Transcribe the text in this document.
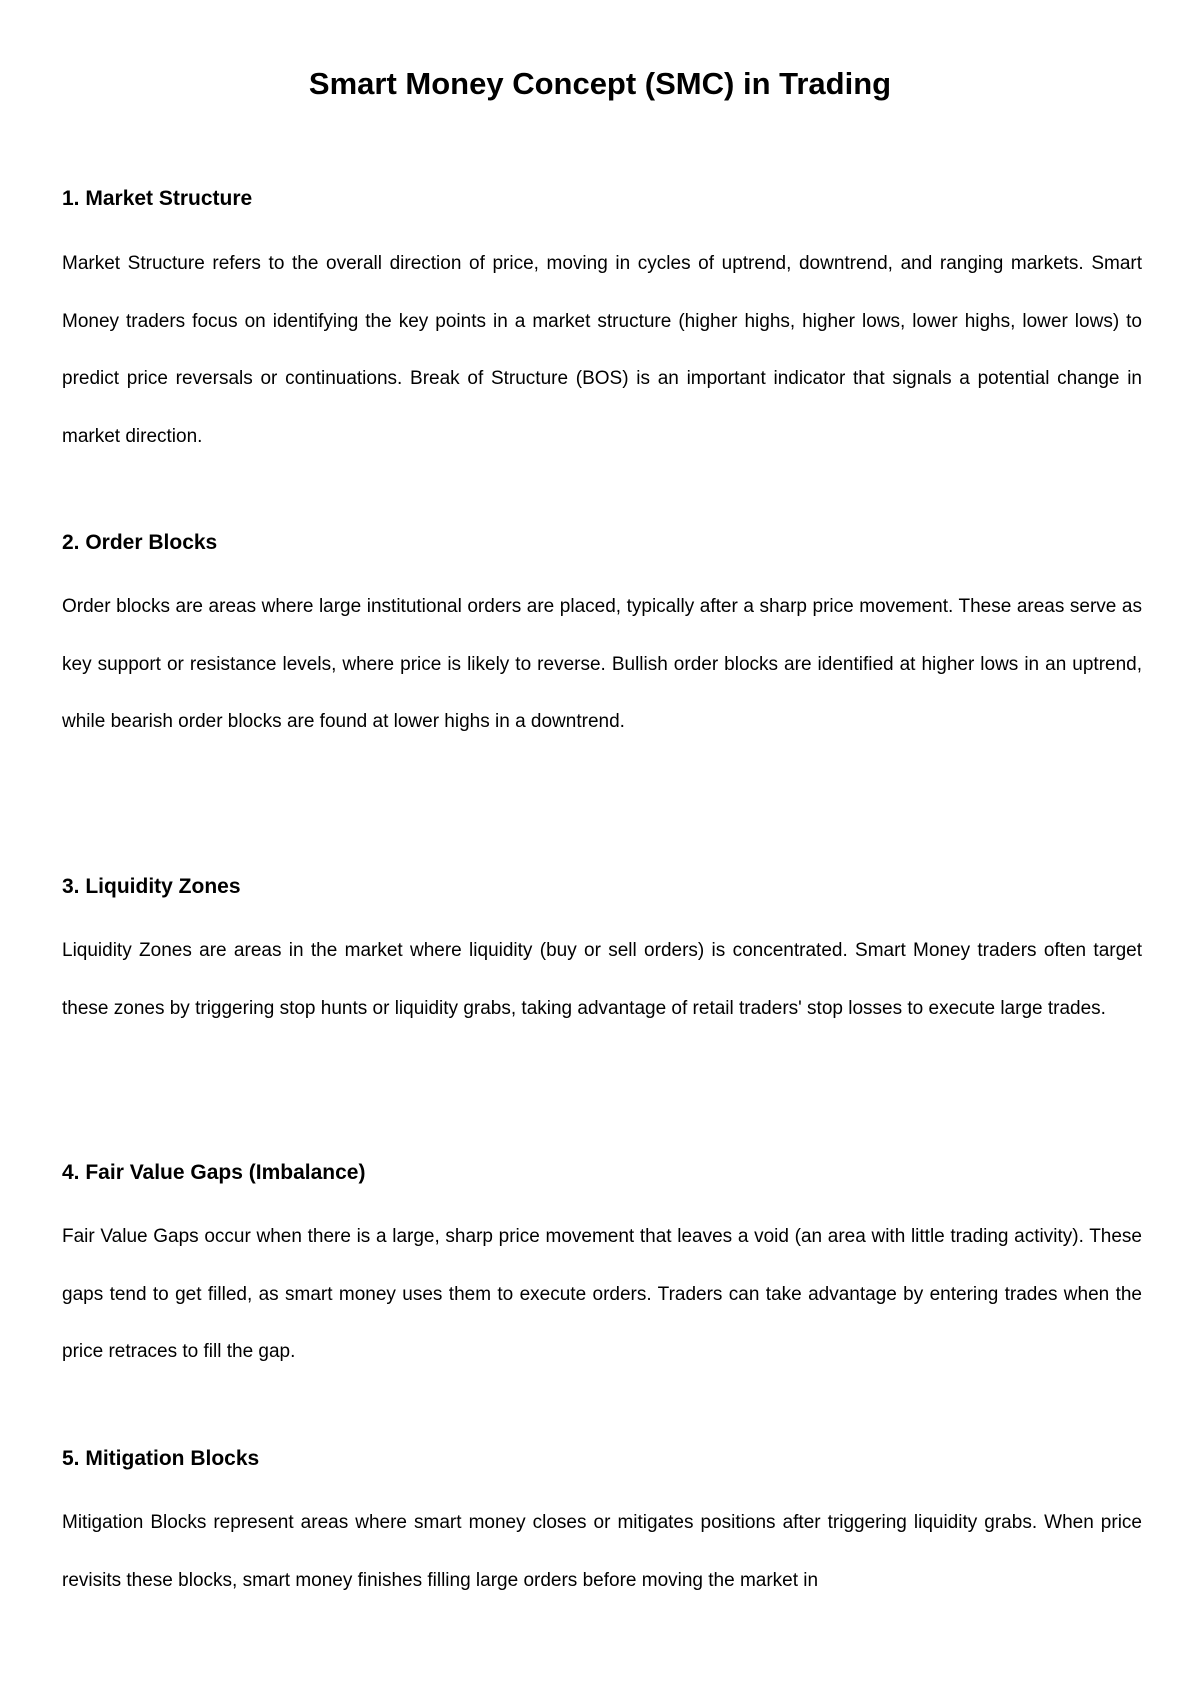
Smart Money Concept (SMC) in Trading
1. Market Structure

Market Structure refers to the overall direction of price, moving in cycles of uptrend, downtrend, and ranging markets. Smart Money traders focus on identifying the key points in a market structure (higher highs, higher lows, lower highs, lower lows) to predict price reversals or continuations. Break of Structure (BOS) is an important indicator that signals a potential change in market direction.

2. Order Blocks

Order blocks are areas where large institutional orders are placed, typically after a sharp price movement. These areas serve as key support or resistance levels, where price is likely to reverse. Bullish order blocks are identified at higher lows in an uptrend, while bearish order blocks are found at lower highs in a downtrend.

3. Liquidity Zones

Liquidity Zones are areas in the market where liquidity (buy or sell orders) is concentrated. Smart Money traders often target these zones by triggering stop hunts or liquidity grabs, taking advantage of retail traders' stop losses to execute large trades.

4. Fair Value Gaps (Imbalance)

Fair Value Gaps occur when there is a large, sharp price movement that leaves a void (an area with little trading activity). These gaps tend to get filled, as smart money uses them to execute orders. Traders can take advantage by entering trades when the price retraces to fill the gap.

5. Mitigation Blocks

Mitigation Blocks represent areas where smart money closes or mitigates positions after triggering liquidity grabs. When price revisits these blocks, smart money finishes filling large orders before moving the market in
